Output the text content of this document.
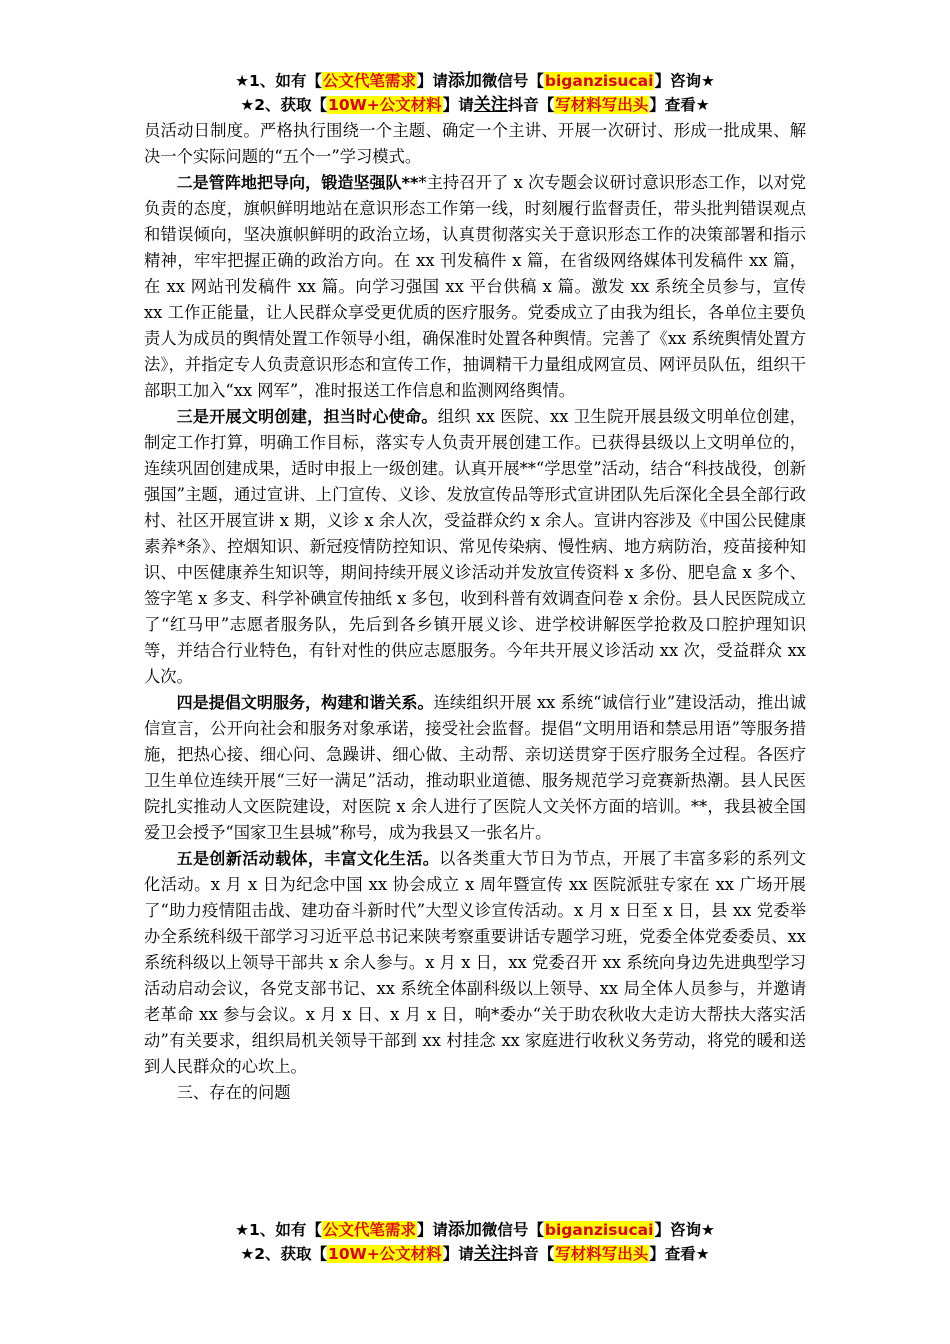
★1、如有【公文代笔需求】请添加微信号【biganzisucai】咨询★
★2、获取【10W+公文材料】请关注抖音【写材料写出头】查看★

员活动日制度。严格执行围绕一个主题、确定一个主讲、开展一次研讨、形成一批成果、解决一个实际问题的“五个一”学习模式。

二是管阵地把导向，锻造坚强队***主持召开了 x 次专题会议研讨意识形态工作，以对党负责的态度，旗帜鲜明地站在意识形态工作第一线，时刻履行监督责任，带头批判错误观点和错误倾向，坚决旗帜鲜明的政治立场，认真贯彻落实关于意识形态工作的决策部署和指示精神，牢牢把握正确的政治方向。在 xx 刊发稿件 x 篇，在省级网络媒体刊发稿件 xx 篇，在 xx 网站刊发稿件 xx 篇。向学习强国 xx 平台供稿 x 篇。激发 xx 系统全员参与，宣传 xx 工作正能量，让人民群众享受更优质的医疗服务。党委成立了由我为组长，各单位主要负责人为成员的舆情处置工作领导小组，确保准时处置各种舆情。完善了《xx 系统舆情处置方法》，并指定专人负责意识形态和宣传工作，抽调精干力量组成网宣员、网评员队伍，组织干部职工加入“xx 网军”，准时报送工作信息和监测网络舆情。

三是开展文明创建，担当时心使命。组织 xx 医院、xx 卫生院开展县级文明单位创建，制定工作打算，明确工作目标，落实专人负责开展创建工作。已获得县级以上文明单位的，连续巩固创建成果，适时申报上一级创建。认真开展**“学思堂”活动，结合“科技战役，创新强国”主题，通过宣讲、上门宣传、义诊、发放宣传品等形式宣讲团队先后深化全县全部行政村、社区开展宣讲 x 期，义诊 x 余人次，受益群众约 x 余人。宣讲内容涉及《中国公民健康素养*条》、控烟知识、新冠疫情防控知识、常见传染病、慢性病、地方病防治，疫苗接种知识、中医健康养生知识等，期间持续开展义诊活动并发放宣传资料 x 多份、肥皂盒 x 多个、签字笔 x 多支、科学补碘宣传抽纸 x 多包，收到科普有效调查问卷 x 余份。县人民医院成立了“红马甲”志愿者服务队，先后到各乡镇开展义诊、进学校讲解医学抢救及口腔护理知识等，并结合行业特色，有针对性的供应志愿服务。今年共开展义诊活动 xx 次，受益群众 xx 人次。

四是提倡文明服务，构建和谐关系。连续组织开展 xx 系统“诚信行业”建设活动，推出诚信宣言，公开向社会和服务对象承诺，接受社会监督。提倡“文明用语和禁忌用语”等服务措施，把热心接、细心问、急躁讲、细心做、主动帮、亲切送贯穿于医疗服务全过程。各医疗卫生单位连续开展“三好一满足”活动，推动职业道德、服务规范学习竞赛新热潮。县人民医院扎实推动人文医院建设，对医院 x 余人进行了医院人文关怀方面的培训。**，我县被全国爱卫会授予“国家卫生县城”称号，成为我县又一张名片。

五是创新活动载体，丰富文化生活。以各类重大节日为节点，开展了丰富多彩的系列文化活动。x 月 x 日为纪念中国 xx 协会成立 x 周年暨宣传 xx 医院派驻专家在 xx 广场开展了“助力疫情阻击战、建功奋斗新时代”大型义诊宣传活动。x 月 x 日至 x 日，县 xx 党委举办全系统科级干部学习习近平总书记来陕考察重要讲话专题学习班，党委全体党委委员、xx 系统科级以上领导干部共 x 余人参与。x 月 x 日，xx 党委召开 xx 系统向身边先进典型学习活动启动会议，各党支部书记、xx 系统全体副科级以上领导、xx 局全体人员参与，并邀请老革命 xx 参与会议。x 月 x 日、x 月 x 日，响*委办“关于助农秋收大走访大帮扶大落实活动”有关要求，组织局机关领导干部到 xx 村挂念 xx 家庭进行收秋义务劳动，将党的暖和送到人民群众的心坎上。

三、存在的问题

★1、如有【公文代笔需求】请添加微信号【biganzisucai】咨询★
★2、获取【10W+公文材料】请关注抖音【写材料写出头】查看★
